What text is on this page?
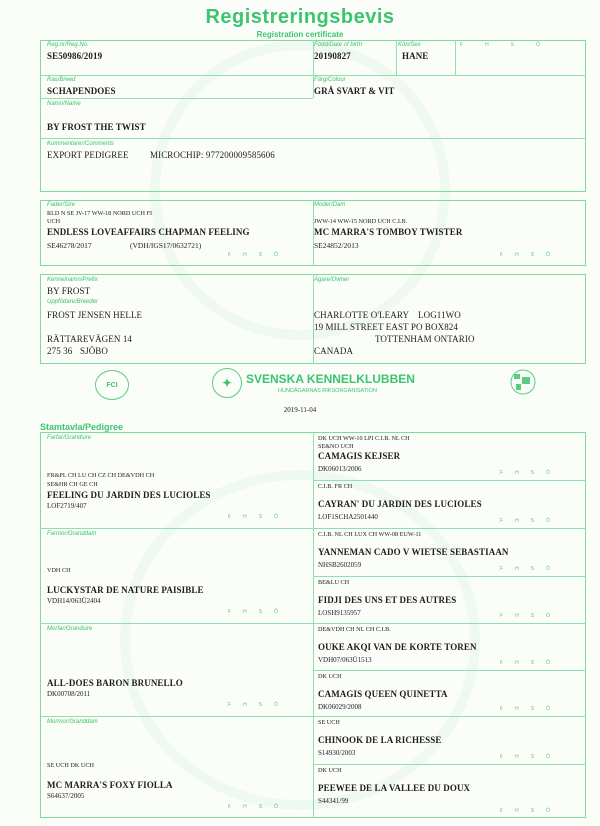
Registreringsbevis
Registration certificate
Reg.nr/Reg.No.
SE50986/2019
Född/Date of birth
20190827
Kön/Sex
HANE
F	H	S	Ö
Ras/Breed
SCHAPENDOES
Färg/Colour
GRÅ SVART & VIT
Namn/Name
BY FROST THE TWIST
Kommentarer/Comments
EXPORT PEDIGREE MICROCHIP: 977200009585606
Fader/Sire
RLD N SE JV-17 WW-18 NORD UCH FI
UCH
ENDLESS LOVEAFFAIRS CHAPMAN FEELING
SE46278/2017	(VDH/IGS17/0632721)
F H S Ö
Moder/Dam
JWW-14 WW-15 NORD UCH C.I.B.
MC MARRA'S TOMBOY TWISTER
SE24852/2013
F H S Ö
Kennelnamn/Prefix
BY FROST
Uppfödare/Breeder
FROST JENSEN HELLE
RÄTTAREVÄGEN 14
275 36 SJÖBO
Ägare/Owner
CHARLOTTE O'LEARY LOG11WO
19 MILL STREET EAST PO BOX824
TOTTENHAM ONTARIO
CANADA
FCI	✦	SVENSKA KENNELKLUBBEN
HUNDÄGARNAS RIKSORGANISATION
2019-11-04
Stamtavla/Pedigree
Farfar/Grandsire
FR&PL CH LU CH CZ CH DE&VDH CH
SE&HR CH GE CH
FEELING DU JARDIN DES LUCIOLES
LOF2719/407
F H S Ö
Farmor/Granddam
VDH CH
LUCKYSTAR DE NATURE PAISIBLE
VDH14/063Ü2404
F H S Ö
Morfar/Grandsire
ALL-DOES BARON BRUNELLO
DK00708/2011
F H S Ö
Mormor/Granddam
SE UCH DK UCH
MC MARRA'S FOXY FIOLLA
S64637/2005
F H S Ö
DK UCH WW-10 LPI C.I.B. NL CH
SE&NO UCH
CAMAGIS KEJSER
DK06013/2006	F H S Ö
C.I.B. FR CH
CAYRAN' DU JARDIN DES LUCIOLES
LOF1SCHA2501440	F H S Ö
C.I.B. NL CH LUX CH WW-08 EUW-11
YANNEMAN CADO V WIETSE SEBASTIAAN
NHSB2602059	F H S Ö
BE&LU CH
FIDJI DES UNS ET DES AUTRES
LOSH9135957	F H S Ö
DE&VDH CH NL CH C.I.B.
OUKE AKQI VAN DE KORTE TOREN
VDH07/063Ü1513	F H S Ö
DK UCH
CAMAGIS QUEEN QUINETTA
DK06029/2008	F H S Ö
SE UCH
CHINOOK DE LA RICHESSE
S14930/2003	F H S Ö
DK UCH
PEEWEE DE LA VALLEE DU DOUX
S44341/99
F H S Ö
